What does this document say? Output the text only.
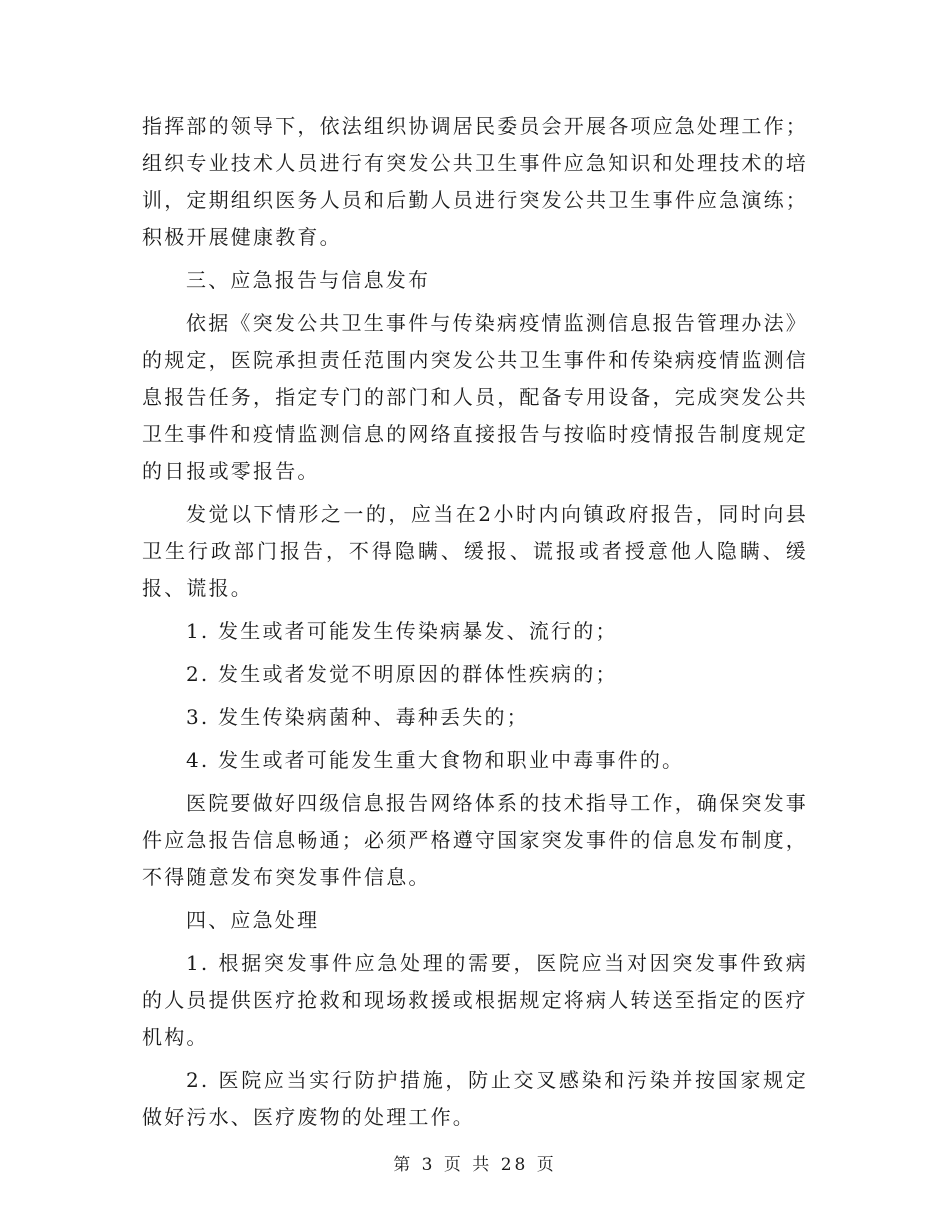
指挥部的领导下，依法组织协调居民委员会开展各项应急处理工作；组织专业技术人员进行有突发公共卫生事件应急知识和处理技术的培训，定期组织医务人员和后勤人员进行突发公共卫生事件应急演练；积极开展健康教育。

三、应急报告与信息发布

依据《突发公共卫生事件与传染病疫情监测信息报告管理办法》的规定，医院承担责任范围内突发公共卫生事件和传染病疫情监测信息报告任务，指定专门的部门和人员，配备专用设备，完成突发公共卫生事件和疫情监测信息的网络直接报告与按临时疫情报告制度规定的日报或零报告。

发觉以下情形之一的，应当在2小时内向镇政府报告，同时向县卫生行政部门报告，不得隐瞒、缓报、谎报或者授意他人隐瞒、缓报、谎报。

1. 发生或者可能发生传染病暴发、流行的；

2. 发生或者发觉不明原因的群体性疾病的；

3. 发生传染病菌种、毒种丢失的；

4. 发生或者可能发生重大食物和职业中毒事件的。

医院要做好四级信息报告网络体系的技术指导工作，确保突发事件应急报告信息畅通；必须严格遵守国家突发事件的信息发布制度，不得随意发布突发事件信息。

四、应急处理

1. 根据突发事件应急处理的需要，医院应当对因突发事件致病的人员提供医疗抢救和现场救援或根据规定将病人转送至指定的医疗机构。

2. 医院应当实行防护措施，防止交叉感染和污染并按国家规定做好污水、医疗废物的处理工作。

第 3 页 共 28 页
